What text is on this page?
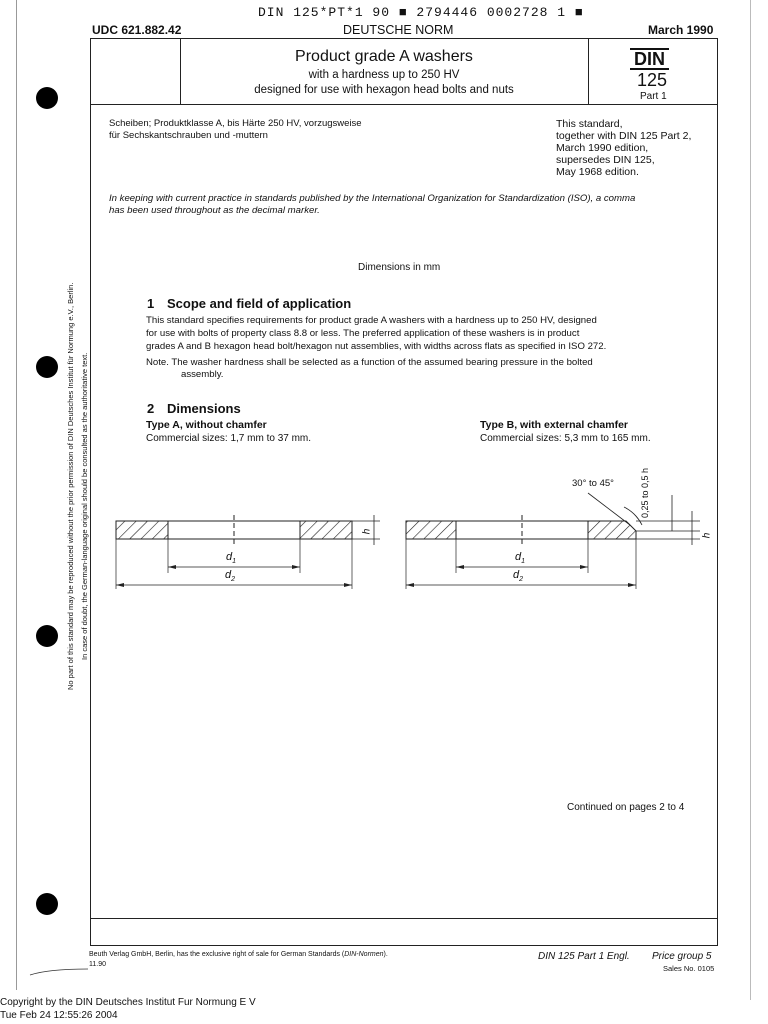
DIN 125*PT*1 90 ■ 2794446 0002728 1 ■
UDC 621.882.42	DEUTSCHE NORM	March 1990
Product grade A washers
with a hardness up to 250 HV
designed for use with hexagon head bolts and nuts
DIN
125
Part 1
Scheiben; Produktklasse A, bis Härte 250 HV, vorzugsweise
für Sechskantschrauben und -muttern
This standard,
together with DIN 125 Part 2,
March 1990 edition,
supersedes DIN 125,
May 1968 edition.
In keeping with current practice in standards published by the International Organization for Standardization (ISO), a comma
has been used throughout as the decimal marker.
Dimensions in mm
1 Scope and field of application
This standard specifies requirements for product grade A washers with a hardness up to 250 HV, designed
for use with bolts of property class 8.8 or less. The preferred application of these washers is in product
grades A and B hexagon head bolt/hexagon nut assemblies, with widths across flats as specified in ISO 272.
Note. The washer hardness shall be selected as a function of the assumed bearing pressure in the bolted
assembly.
2 Dimensions
Type A, without chamfer
Commercial sizes: 1,7 mm to 37 mm.
Type B, with external chamfer
Commercial sizes: 5,3 mm to 165 mm.
$d_1$
$d_2$
h
$d_1$
$d_2$
h
30° to 45°	0,25 to 0,5 h
Continued on pages 2 to 4
Beuth Verlag GmbH, Berlin, has the exclusive right of sale for German Standards (DIN-Normen).
11.90
DIN 125 Part 1 Engl. Price group 5
Sales No. 0105
Copyright by the DIN Deutsches Institut Fur Normung E V
Tue Feb 24 12:55:26 2004
No part of this standard may be reproduced without the prior permission of DIN Deutsches Institut für Normung e.V., Berlin. In case of doubt, the German-language original should be consulted as the authoritative text.
